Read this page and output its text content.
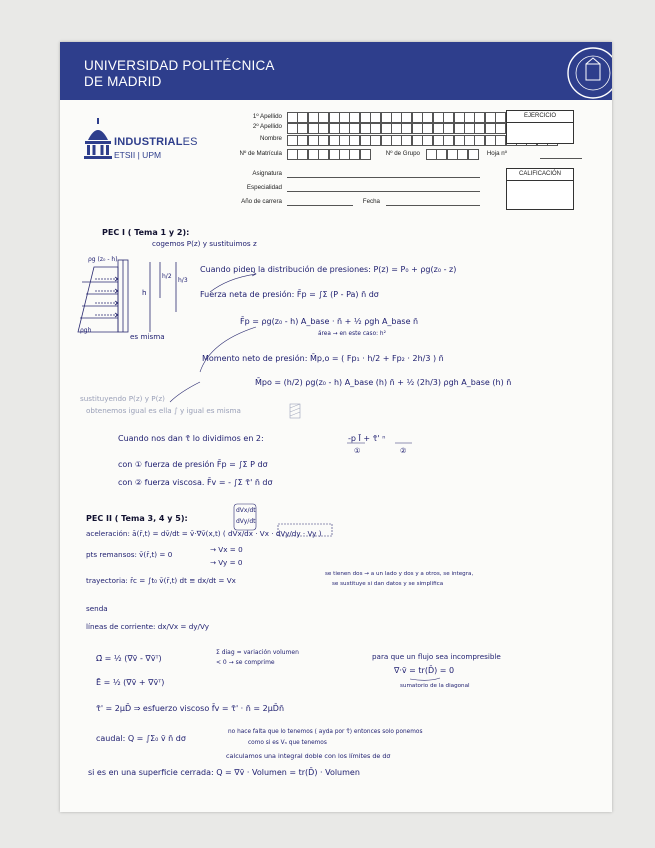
UNIVERSIDAD POLITÉCNICA
DE MADRID
INDUSTRIALES
ETSII | UPM
1º Apellido
2º Apellido
Nombre
Nº de Matrícula	Nº de Grupo	Hoja nº
Asignatura
Especialidad
Año de carrera	Fecha
EJERCICIO
CALIFICACIÓN
PEC I ( Tema 1 y 2):
cogemos P(z) y sustituimos z
ρg (z₀ - h)
h
h/2
h/3
ρgh
es misma
Cuando piden la distribución de presiones: P(z) = P₀ + ρg(z₀ - z)
Fuerza neta de presión: F̄p = ∫Σ (P - Pa) n̄ dσ
F̄p = ρg(z₀ - h) A_base · n̄ + ½ ρgh A_base n̄
área → en este caso: h²
Momento neto de presión: M̄p,o = ( Fp₁ · h/2 + Fp₂ · 2h/3 ) n̄
M̄po = (h/2) ρg(z₀ - h) A_base (h) n̄ + ½ (2h/3) ρgh A_base (h) n̄
sustituyendo P(z) y P(z)
obtenemos igual es ella ∫ y igual es misma
Cuando nos dan τ̄ lo dividimos en 2:	-p Ī + τ̄' ⁿ
①	②
con ① fuerza de presión F̄p = ∫Σ P dσ
con ② fuerza viscosa. F̄v = - ∫Σ τ̄' n̄ dσ
PEC II ( Tema 3, 4 y 5):
dVx/dt
dVy/dt
aceleración: ā(r̄,t) = dv̄/dt = v̄·∇v̄(x,t) ( dVx/dx · Vx · dVy/dy · Vy )
pts remansos: v̄(r̄,t) = 0
→ Vx = 0
→ Vy = 0
trayectoria: r̄c = ∫t₀ v̄(r̄,t) dt ≡ dx/dt = Vx
se tienen dos → a un lado y dos y a otros, se integra,
se sustituye si dan datos y se simplifica
senda
líneas de corriente: dx/Vx = dy/Vy
Ω̄ = ½ (∇v̄ - ∇v̄ᵀ)
Σ diag = variación volumen
< 0 → se comprime
para que un flujo sea incompresible
∇·v̄ = tr(D̄) = 0
sumatorio de la diagonal
Ē = ½ (∇v̄ + ∇v̄ᵀ)
τ̄' = 2μD̄ ⇒ esfuerzo viscoso f̄v = τ̄' · n̄ = 2μD̄n̄
caudal: Q = ∫Σ₀ v̄ n̄ dσ
no hace falta que lo tenemos ( ayda por τ̄) entonces solo ponemos
como si es Vₙ que tenemos
calculamos una integral doble con los límites de dσ
si es en una superficie cerrada: Q = ∇v̄ · Volumen = tr(D̄) · Volumen
